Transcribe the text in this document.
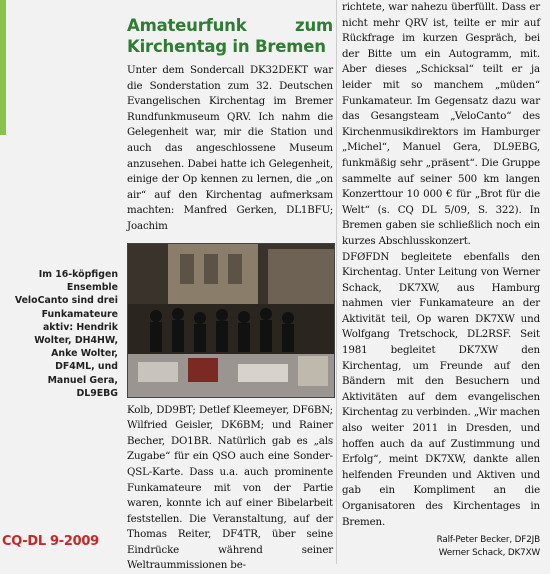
Im 16-köpfigen Ensemble VeloCanto sind drei Funkamateure aktiv: Hendrik Wolter, DH4HW, Anke Wolter, DF4ML, und Manuel Gera, DL9EBG
CQ-DL 9-2009
Amateurfunk zum Kirchentag in Bremen

Unter dem Sondercall DK32DEKT war die Sonderstation zum 32. Deutschen Evangelischen Kirchentag im Bremer Rundfunkmuseum QRV. Ich nahm die Gelegenheit war, mir die Station und auch das angeschlossene Museum anzusehen. Dabei hatte ich Gelegenheit, einige der Op kennen zu lernen, die „on air“ auf den Kirchentag aufmerksam machten: Manfred Gerken, DL1BFU; Joachim

Kolb, DD9BT; Detlef Kleemeyer, DF6BN; Wilfried Geisler, DK6BM; und Rainer Becher, DO1BR. Natürlich gab es „als Zugabe“ für ein QSO auch eine Sonder-QSL-Karte. Dass u.a. auch prominente Funkamateure mit von der Partie waren, konnte ich auf einer Bibelarbeit feststellen. Die Veranstaltung, auf der Thomas Reiter, DF4TR, über seine Eindrücke während seiner Weltraummissionen be-

richtete, war nahezu überfüllt. Dass er nicht mehr QRV ist, teilte er mir auf Rückfrage im kurzen Gespräch, bei der Bitte um ein Autogramm, mit. Aber dieses „Schicksal“ teilt er ja leider mit so manchem „müden“ Funkamateur. Im Gegensatz dazu war das Gesangsteam „VeloCanto“ des Kirchenmusikdirektors im Hamburger „Michel“, Manuel Gera, DL9EBG, funkmäßig sehr „präsent“. Die Gruppe sammelte auf seiner 500 km langen Konzerttour 10 000 € für „Brot für die Welt“ (s. CQ DL 5/09, S. 322). In Bremen gaben sie schließlich noch ein kurzes Abschlusskonzert.

DFØFDN begleitete ebenfalls den Kirchentag. Unter Leitung von Werner Schack, DK7XW, aus Hamburg nahmen vier Funkamateure an der Aktivität teil, Op waren DK7XW und Wolfgang Tretschock, DL2RSF. Seit 1981 begleitet DK7XW den Kirchentag, um Freunde auf den Bändern mit den Besuchern und Aktivitäten auf dem evangelischen Kirchentag zu verbinden. „Wir machen also weiter 2011 in Dresden, und hoffen auch da auf Zustimmung und Erfolg“, meint DK7XW, dankte allen helfenden Freunden und Aktiven und gab ein Kompliment an die Organisatoren des Kirchentages in Bremen.

Ralf-Peter Becker, DF2JB
Werner Schack, DK7XW
